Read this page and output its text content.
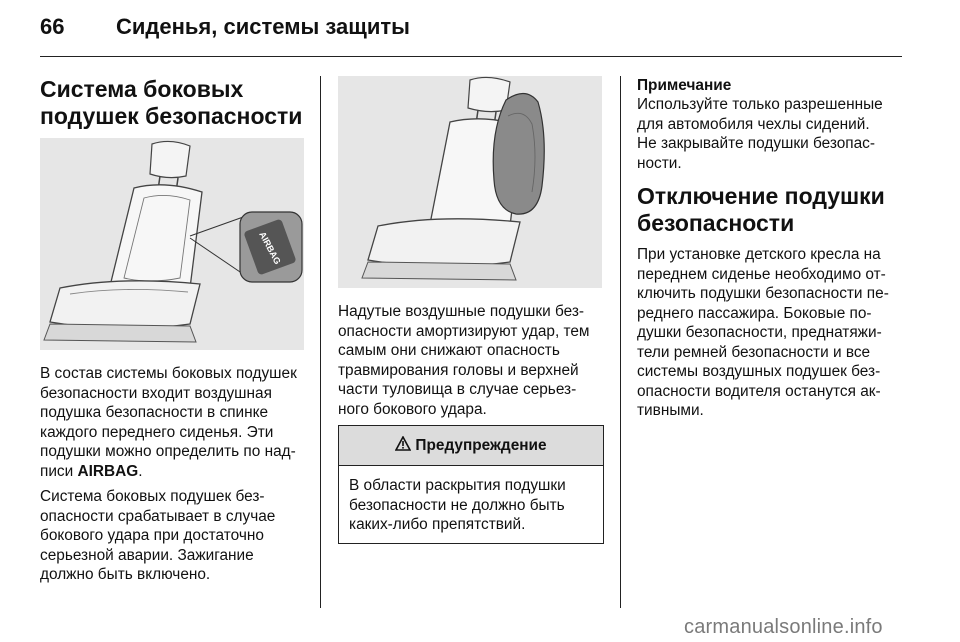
66	Сиденья, системы защиты
Система боковых
подушек безопасности
AIRBAG
В состав системы боковых подушек
безопасности входит воздушная
подушка безопасности в спинке
каждого переднего сиденья. Эти
подушки можно определить по над-
писи AIRBAG.
Система боковых подушек без-
опасности срабатывает в случае
бокового удара при достаточно
серьезной аварии. Зажигание
должно быть включено.
Надутые воздушные подушки без-
опасности амортизируют удар, тем
самым они снижают опасность
травмирования головы и верхней
части туловища в случае серьез-
ного бокового удара.
Предупреждение
В области раскрытия подушки
безопасности не должно быть
каких-либо препятствий.
Примечание
Используйте только разрешенные
для автомобиля чехлы сидений.
Не закрывайте подушки безопас-
ности.
Отключение подушки
безопасности
При установке детского кресла на
переднем сиденье необходимо от-
ключить подушки безопасности пе-
реднего пассажира. Боковые по-
душки безопасности, преднатяжи-
тели ремней безопасности и все
системы воздушных подушек без-
опасности водителя останутся ак-
тивными.
carmanualsonline.info
